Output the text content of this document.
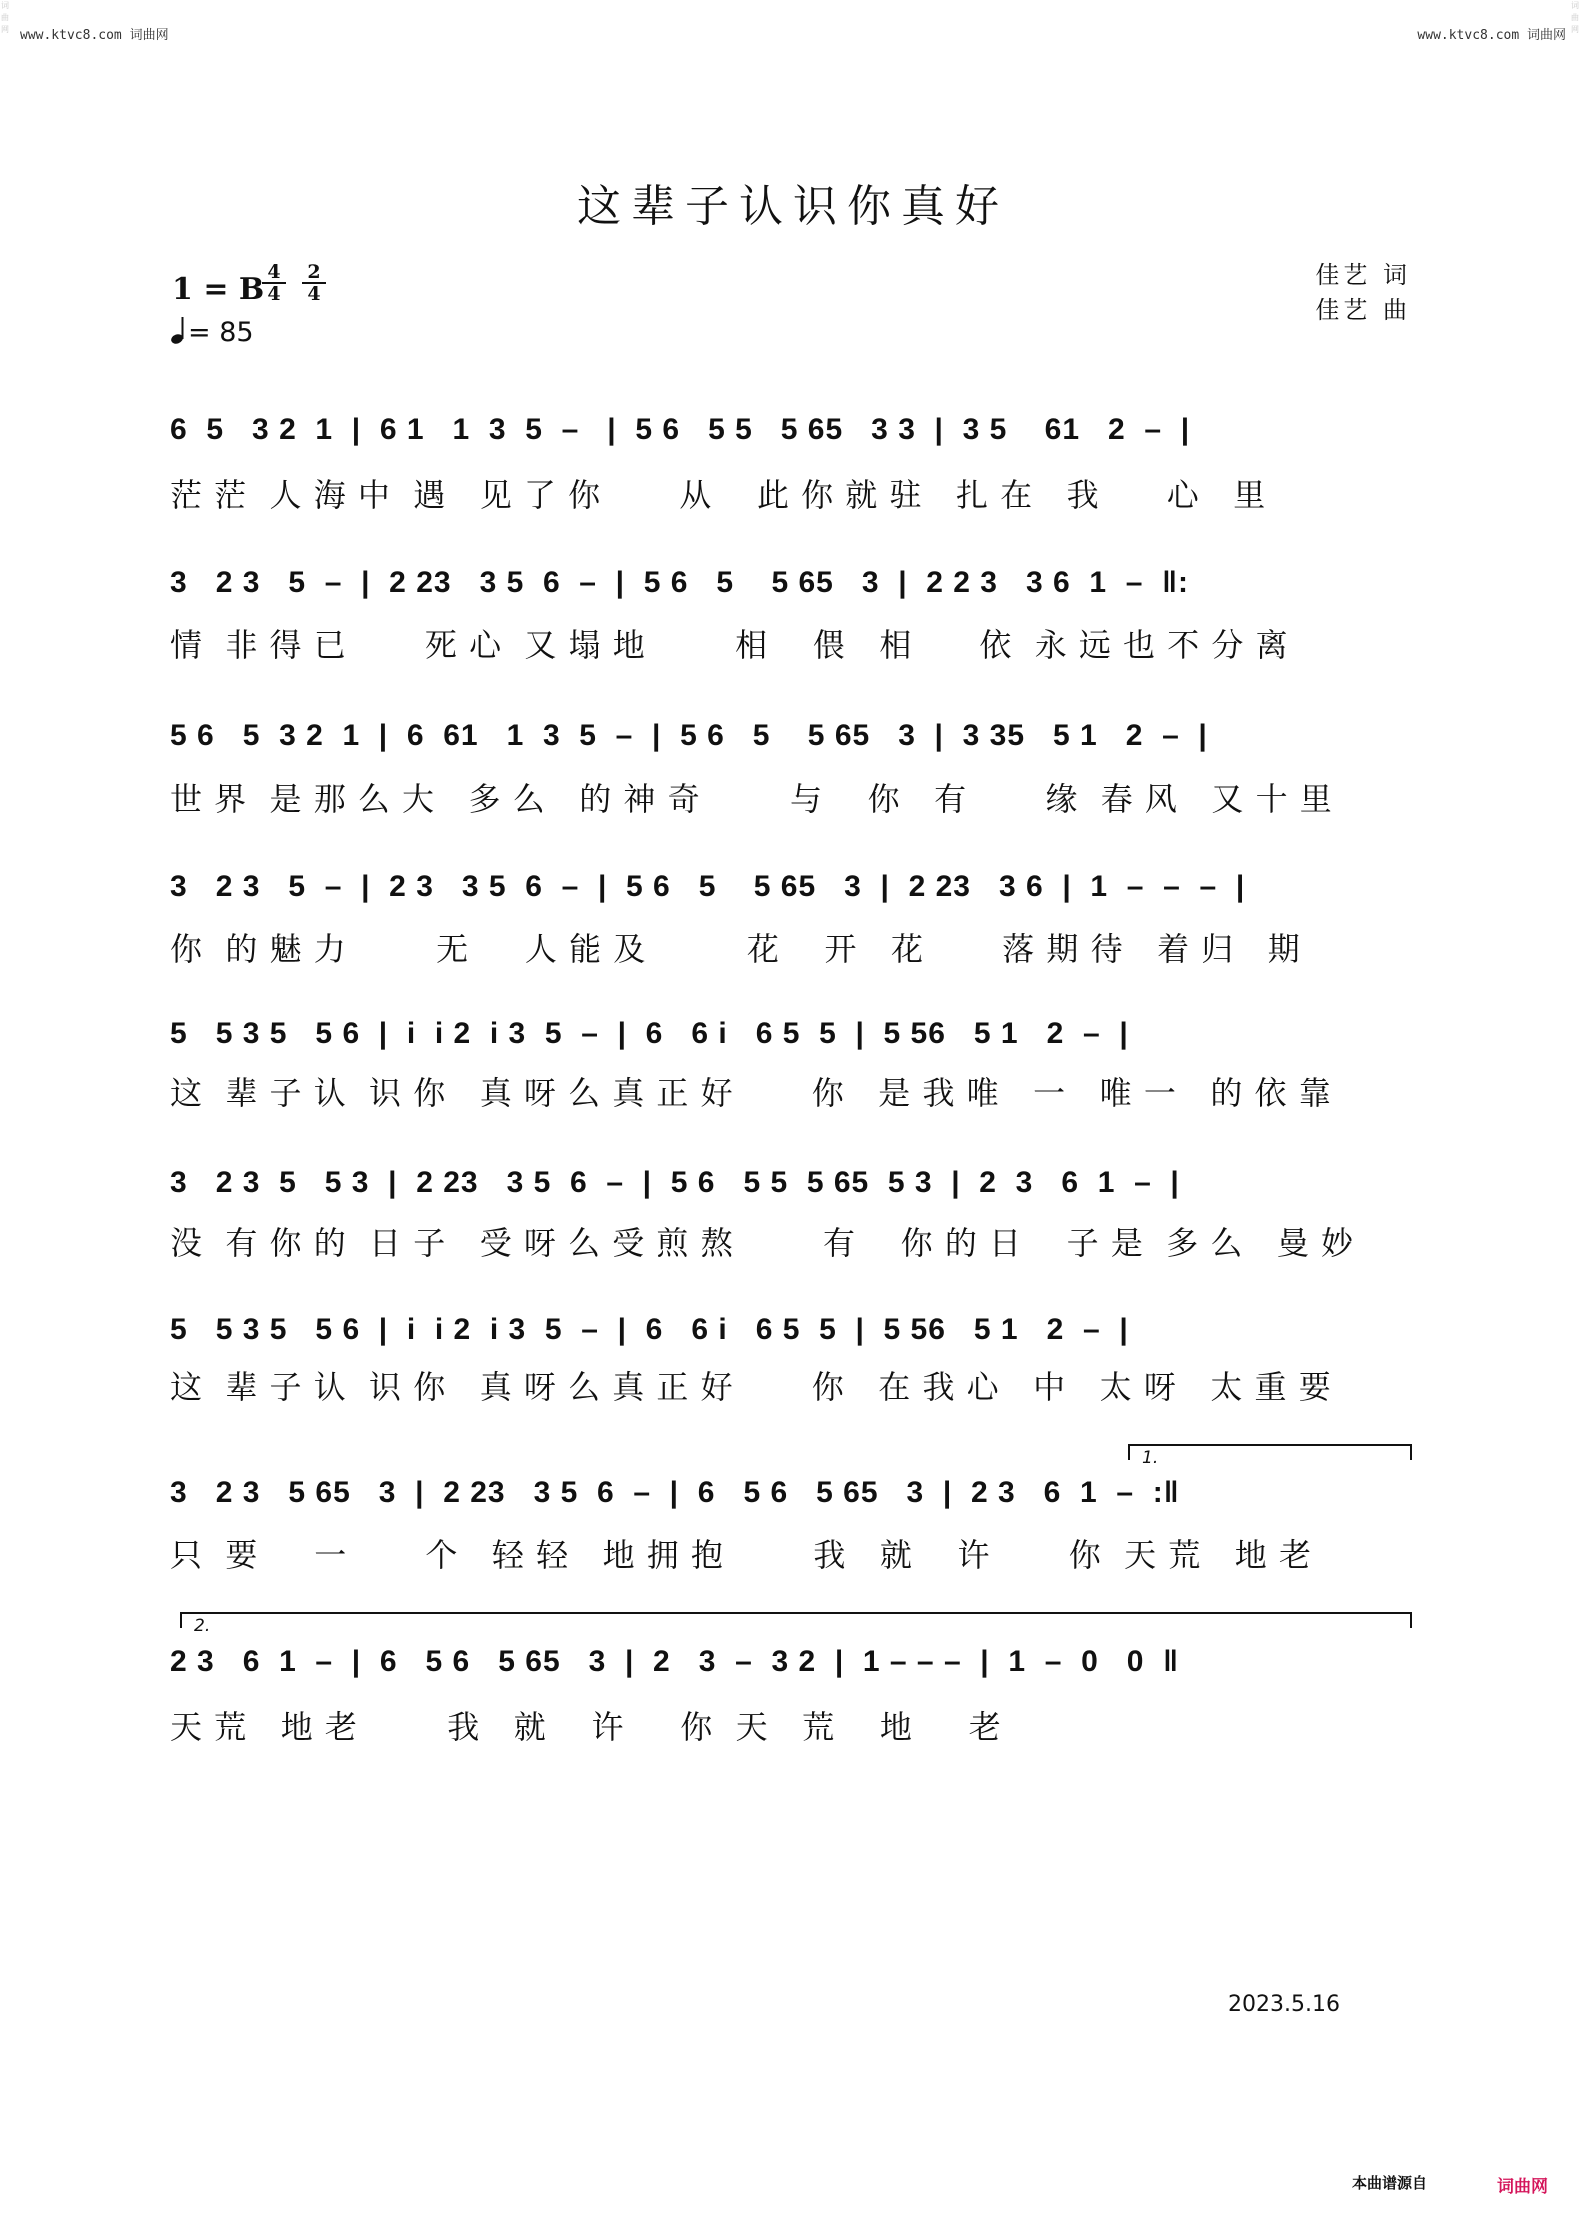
词曲网
词曲网
www.ktvc8.com 词曲网	www.ktvc8.com 词曲网
这辈子认识你真好
1 = B
$\frac{4}{4} \frac{2}{4}$
= 85
佳艺 词
佳艺 曲
6  5   3 2  1  |  6 1   1  3  5  –   |  5 6   5 5   5 65   3 3  |  3 5    61   2  –  |
茫 茫  人 海 中  遇   见 了 你       从    此 你 就 驻   扎 在   我      心   里
3   2 3   5  –  |  2 23   3 5  6  –  |  5 6   5    5 65   3  |  2 2 3   3 6  1  –  ‖:
情  非 得 已       死 心  又 塌 地        相    偎   相      依  永 远 也 不 分 离
5 6   5  3 2  1  |  6  61   1  3  5  –  |  5 6   5    5 65   3  |  3 35   5 1   2  –  |
世 界  是 那 么 大   多 么   的 神 奇        与    你   有       缘  春 风   又 十 里
3   2 3   5  –  |  2 3   3 5  6  –  |  5 6   5    5 65   3  |  2 23   3 6  |  1  –  –  –  |
你  的 魅 力        无     人 能 及         花    开   花       落 期 待   着 归   期
5   5 3 5   5 6  |  i  i 2  i 3  5  –  |  6   6 i   6 5  5  |  5 56   5 1   2  –  |
这  辈 子 认  识 你   真 呀 么 真 正 好       你   是 我 唯   一   唯 一   的 依 靠
3   2 3  5   5 3  |  2 23   3 5  6  –  |  5 6   5 5  5 65  5 3  |  2  3   6  1  –  |
没  有 你 的  日 子   受 呀 么 受 煎 熬        有    你 的 日    子 是  多 么   曼 妙
5   5 3 5   5 6  |  i  i 2  i 3  5  –  |  6   6 i   6 5  5  |  5 56   5 1   2  –  |
这  辈 子 认  识 你   真 呀 么 真 正 好       你   在 我 心   中   太 呀   太 重 要
1.
3   2 3   5 65   3  |  2 23   3 5  6  –  |  6   5 6   5 65   3  |  2 3   6  1  –  :‖
只  要     一       个   轻 轻   地 拥 抱        我   就    许       你  天 荒   地 老
2.
2 3   6  1  –  |  6   5 6   5 65   3  |  2   3  –  3 2  |  1 – – –  |  1  –  0   0  ‖
天 荒   地 老        我   就    许     你  天   荒    地     老
2023.5.16
本曲谱源自	词曲网
